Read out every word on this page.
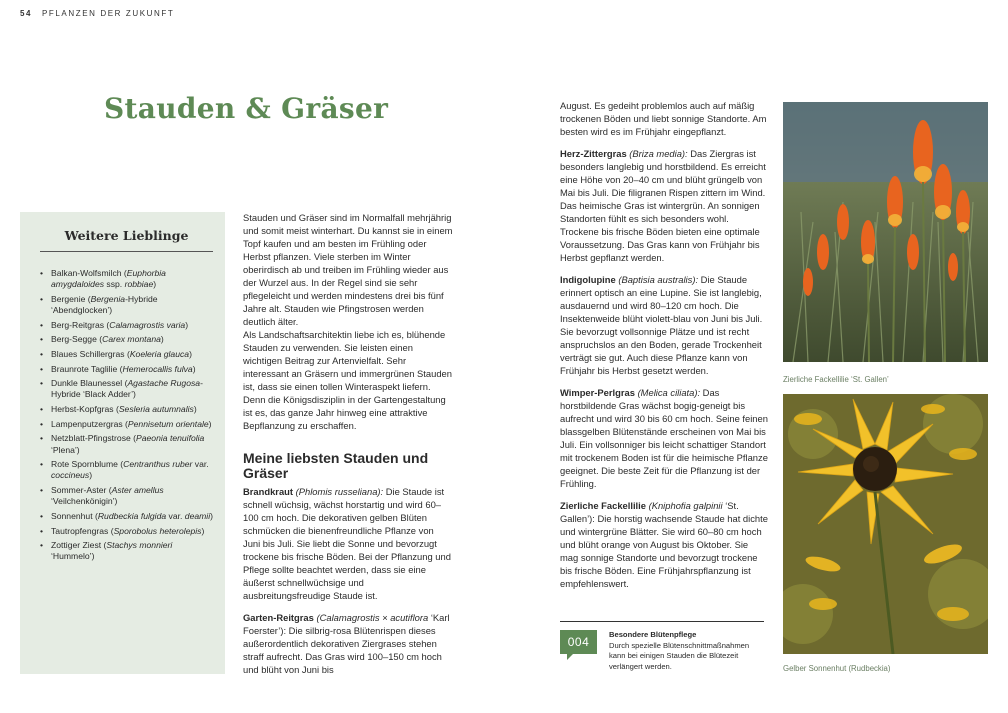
54 PFLANZEN DER ZUKUNFT
Stauden & Gräser
Weitere Lieblinge
• Balkan-Wolfsmilch (Euphorbia amygdaloides ssp. robbiae)
• Bergenie (Bergenia-Hybride ‘Abendglocken’)
• Berg-Reitgras (Calamagrostis varia)
• Berg-Segge (Carex montana)
• Blaues Schillergras (Koeleria glauca)
• Braunrote Taglilie (Hemerocallis fulva)
• Dunkle Blaunessel (Agastache Rugosa-Hybride ‘Black Adder’)
• Herbst-Kopfgras (Sesleria autumnalis)
• Lampenputzergras (Pennisetum orientale)
• Netzblatt-Pfingstrose (Paeonia tenuifolia ‘Plena’)
• Rote Spornblume (Centranthus ruber var. coccineus)
• Sommer-Aster (Aster amellus ‘Veilchenkönigin’)
• Sonnenhut (Rudbeckia fulgida var. deamii)
• Tautropfengras (Sporobolus heterolepis)
• Zottiger Ziest (Stachys monnieri ‘Hummelo’)

Stauden und Gräser sind im Normalfall mehrjährig und somit meist winterhart. Du kannst sie in einem Topf kaufen und am besten im Frühling oder Herbst pflanzen. Viele sterben im Winter oberirdisch ab und treiben im Frühling wieder aus der Wurzel aus. In der Regel sind sie sehr pflegeleicht und werden mindestens drei bis fünf Jahre alt. Stauden wie Pfingstrosen werden deutlich älter.

Als Landschaftsarchitektin liebe ich es, blühende Stauden zu verwenden. Sie leisten einen wichtigen Beitrag zur Artenvielfalt. Sehr interessant an Gräsern und immergrünen Stauden ist, dass sie einen tollen Winteraspekt liefern. Denn die Königsdisziplin in der Gartengestaltung ist es, das ganze Jahr hinweg eine attraktive Bepflanzung zu erschaffen.

Meine liebsten Stauden und Gräser

Brandkraut (Phlomis russeliana): Die Staude ist schnell wüchsig, wächst horstartig und wird 60–100 cm hoch. Die dekorativen gelben Blüten schmücken die bienenfreundliche Pflanze von Juni bis Juli. Sie liebt die Sonne und bevorzugt trockene bis frische Böden. Bei der Pflanzung und Pflege sollte beachtet werden, dass sie eine äußerst schnellwüchsige und ausbreitungsfreudige Staude ist.

Garten-Reitgras (Calamagrostis × acutiflora ‘Karl Foerster’): Die silbrig-rosa Blütenrispen dieses außerordentlich dekorativen Ziergrases stehen straff aufrecht. Das Gras wird 100–150 cm hoch und blüht von Juni bis

August. Es gedeiht problemlos auch auf mäßig trockenen Böden und liebt sonnige Standorte. Am besten wird es im Frühjahr eingepflanzt.

Herz-Zittergras (Briza media): Das Ziergras ist besonders langlebig und horstbildend. Es erreicht eine Höhe von 20–40 cm und blüht grüngelb von Mai bis Juli. Die filigranen Rispen zittern im Wind. Das heimische Gras ist wintergrün. An sonnigen Standorten fühlt es sich besonders wohl. Trockene bis frische Böden bieten eine optimale Voraussetzung. Das Gras kann von Frühjahr bis Herbst gepflanzt werden.

Indigolupine (Baptisia australis): Die Staude erinnert optisch an eine Lupine. Sie ist langlebig, ausdauernd und wird 80–120 cm hoch. Die Insektenweide blüht violett-blau von Juni bis Juli. Sie bevorzugt vollsonnige Plätze und ist recht anspruchslos an den Boden, gerade Trockenheit verträgt sie gut. Auch diese Pflanze kann von Frühjahr bis Herbst gesetzt werden.

Wimper-Perlgras (Melica ciliata): Das horstbildende Gras wächst bogig-geneigt bis aufrecht und wird 30 bis 60 cm hoch. Seine feinen blassgelben Blütenstände erscheinen von Mai bis Juli. Ein vollsonniger bis leicht schattiger Standort mit trockenem Boden ist für die heimische Pflanze geeignet. Die beste Zeit für die Pflanzung ist der Frühling.

Zierliche Fackellilie (Kniphofia galpinii ‘St. Gallen’): Die horstig wachsende Staude hat dichte und wintergrüne Blätter. Sie wird 60–80 cm hoch und blüht orange von August bis Oktober. Sie mag sonnige Standorte und bevorzugt trockene bis frische Böden. Eine Frühjahrspflanzung ist empfehlenswert.

004
Besondere Blütenpflege
Durch spezielle Blütenschnittmaßnahmen kann bei einigen Stauden die Blütezeit verlängert werden.
Zierliche Fackellilie ‘St. Gallen’
Gelber Sonnenhut (Rudbeckia)
